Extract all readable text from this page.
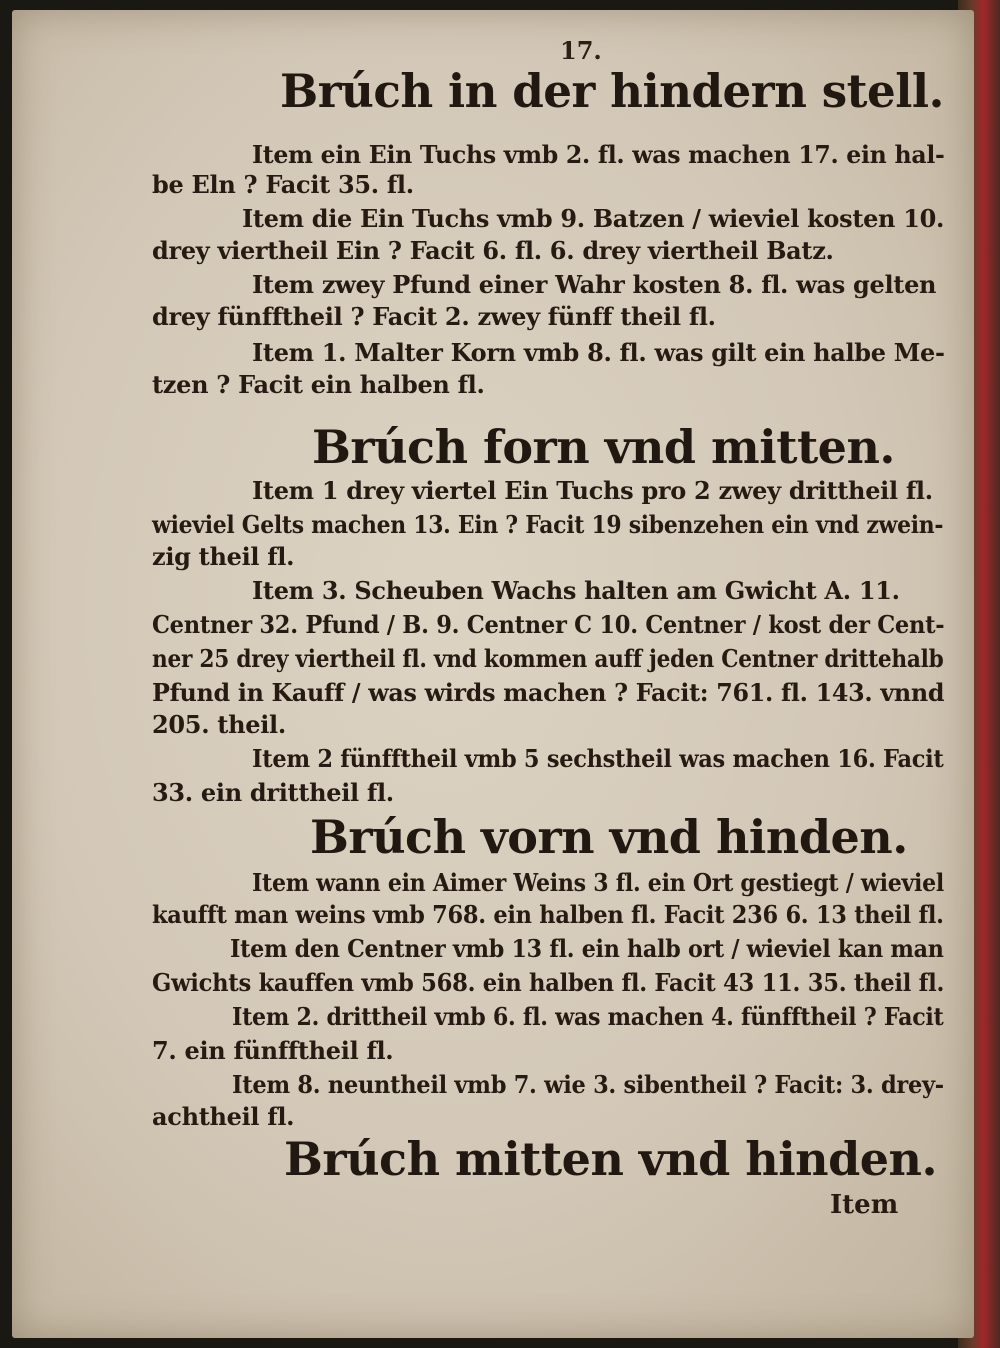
17.
Brúch in der hindern stell.
Item ein Ein Tuchs vmb 2. fl. was machen 17. ein hal-
be Eln ? Facit 35. fl.
Item die Ein Tuchs vmb 9. Batzen / wieviel kosten 10.
drey viertheil Ein ? Facit 6. fl. 6. drey viertheil Batz.
Item zwey Pfund einer Wahr kosten 8. fl. was gelten
drey fünfftheil ? Facit 2. zwey fünff theil fl.
Item 1. Malter Korn vmb 8. fl. was gilt ein halbe Me-
tzen ? Facit ein halben fl.
Brúch forn vnd mitten.
Item 1 drey viertel Ein Tuchs pro 2 zwey drittheil fl.
wieviel Gelts machen 13. Ein ? Facit 19 sibenzehen ein vnd zwein-
zig theil fl.
Item 3. Scheuben Wachs halten am Gwicht A. 11.
Centner 32. Pfund / B. 9. Centner C 10. Centner / kost der Cent-
ner 25 drey viertheil fl. vnd kommen auff jeden Centner drittehalb
Pfund in Kauff / was wirds machen ? Facit: 761. fl. 143. vnnd
205. theil.
Item 2 fünfftheil vmb 5 sechstheil was machen 16. Facit
33. ein drittheil fl.
Brúch vorn vnd hinden.
Item wann ein Aimer Weins 3 fl. ein Ort gestiegt / wieviel
kaufft man weins vmb 768. ein halben fl. Facit 236 6. 13 theil fl.
Item den Centner vmb 13 fl. ein halb ort / wieviel kan man
Gwichts kauffen vmb 568. ein halben fl. Facit 43 11. 35. theil fl.
Item 2. drittheil vmb 6. fl. was machen 4. fünfftheil ? Facit
7. ein fünfftheil fl.
Item 8. neuntheil vmb 7. wie 3. sibentheil ? Facit: 3. drey-
achtheil fl.
Brúch mitten vnd hinden.
Item
